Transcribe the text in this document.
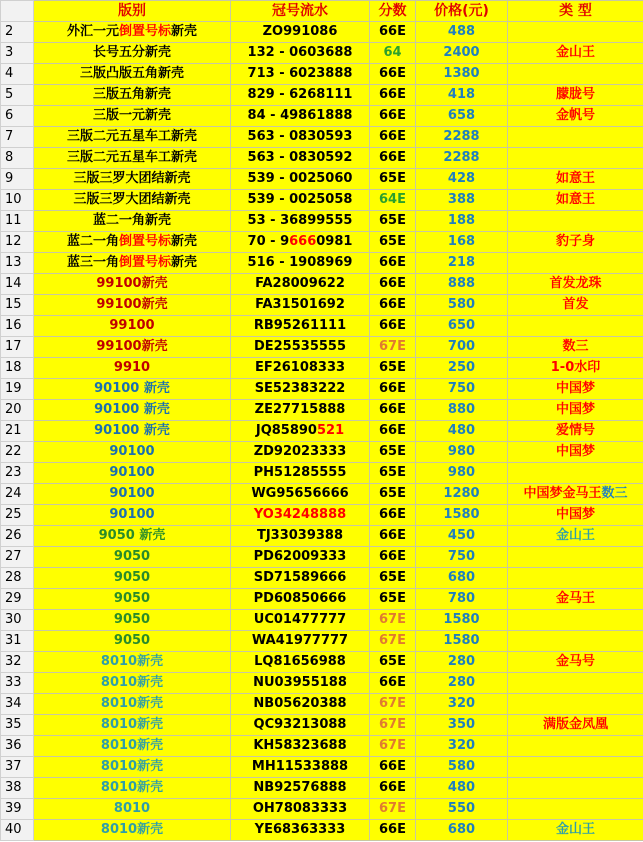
	版别	冠号流水	分数	价格(元)	类 型
2	外汇一元倒置号标新壳	ZO991086	66E	488	
3	长号五分新壳	132 - 0603688	64	2400	金山王
4	三版凸版五角新壳	713 - 6023888	66E	1380	
5	三版五角新壳	829 - 6268111	66E	418	朦胧号
6	三版一元新壳	84 - 49861888	66E	658	金帆号
7	三版二元五星车工新壳	563 - 0830593	66E	2288	
8	三版二元五星车工新壳	563 - 0830592	66E	2288	
9	三版三罗大团结新壳	539 - 0025060	65E	428	如意王
10	三版三罗大团结新壳	539 - 0025058	64E	388	如意王
11	蓝二一角新壳	53 - 36899555	65E	188	
12	蓝二一角倒置号标新壳	70 - 96660981	65E	168	豹子身
13	蓝三一角倒置号标新壳	516 - 1908969	66E	218	
14	99100新壳	FA28009622	66E	888	首发龙珠
15	99100新壳	FA31501692	66E	580	首发
16	99100	RB95261111	66E	650	
17	99100新壳	DE25535555	67E	700	数三
18	9910	EF26108333	65E	250	1-0水印
19	90100 新壳	SE52383222	66E	750	中国梦
20	90100 新壳	ZE27715888	66E	880	中国梦
21	90100 新壳	JQ85890521	66E	480	爱情号
22	90100	ZD92023333	65E	980	中国梦
23	90100	PH51285555	65E	980	
24	90100	WG95656666	65E	1280	中国梦金马王数三
25	90100	YO34248888	66E	1580	中国梦
26	9050 新壳	TJ33039388	66E	450	金山王
27	9050	PD62009333	66E	750	
28	9050	SD71589666	65E	680	
29	9050	PD60850666	65E	780	金马王
30	9050	UC01477777	67E	1580	
31	9050	WA41977777	67E	1580	
32	8010新壳	LQ81656988	65E	280	金马号
33	8010新壳	NU03955188	66E	280	
34	8010新壳	NB05620388	67E	320	
35	8010新壳	QC93213088	67E	350	满版金凤凰
36	8010新壳	KH58323688	67E	320	
37	8010新壳	MH11533888	66E	580	
38	8010新壳	NB92576888	66E	480	
39	8010	OH78083333	67E	550	
40	8010新壳	YE68363333	66E	680	金山王
